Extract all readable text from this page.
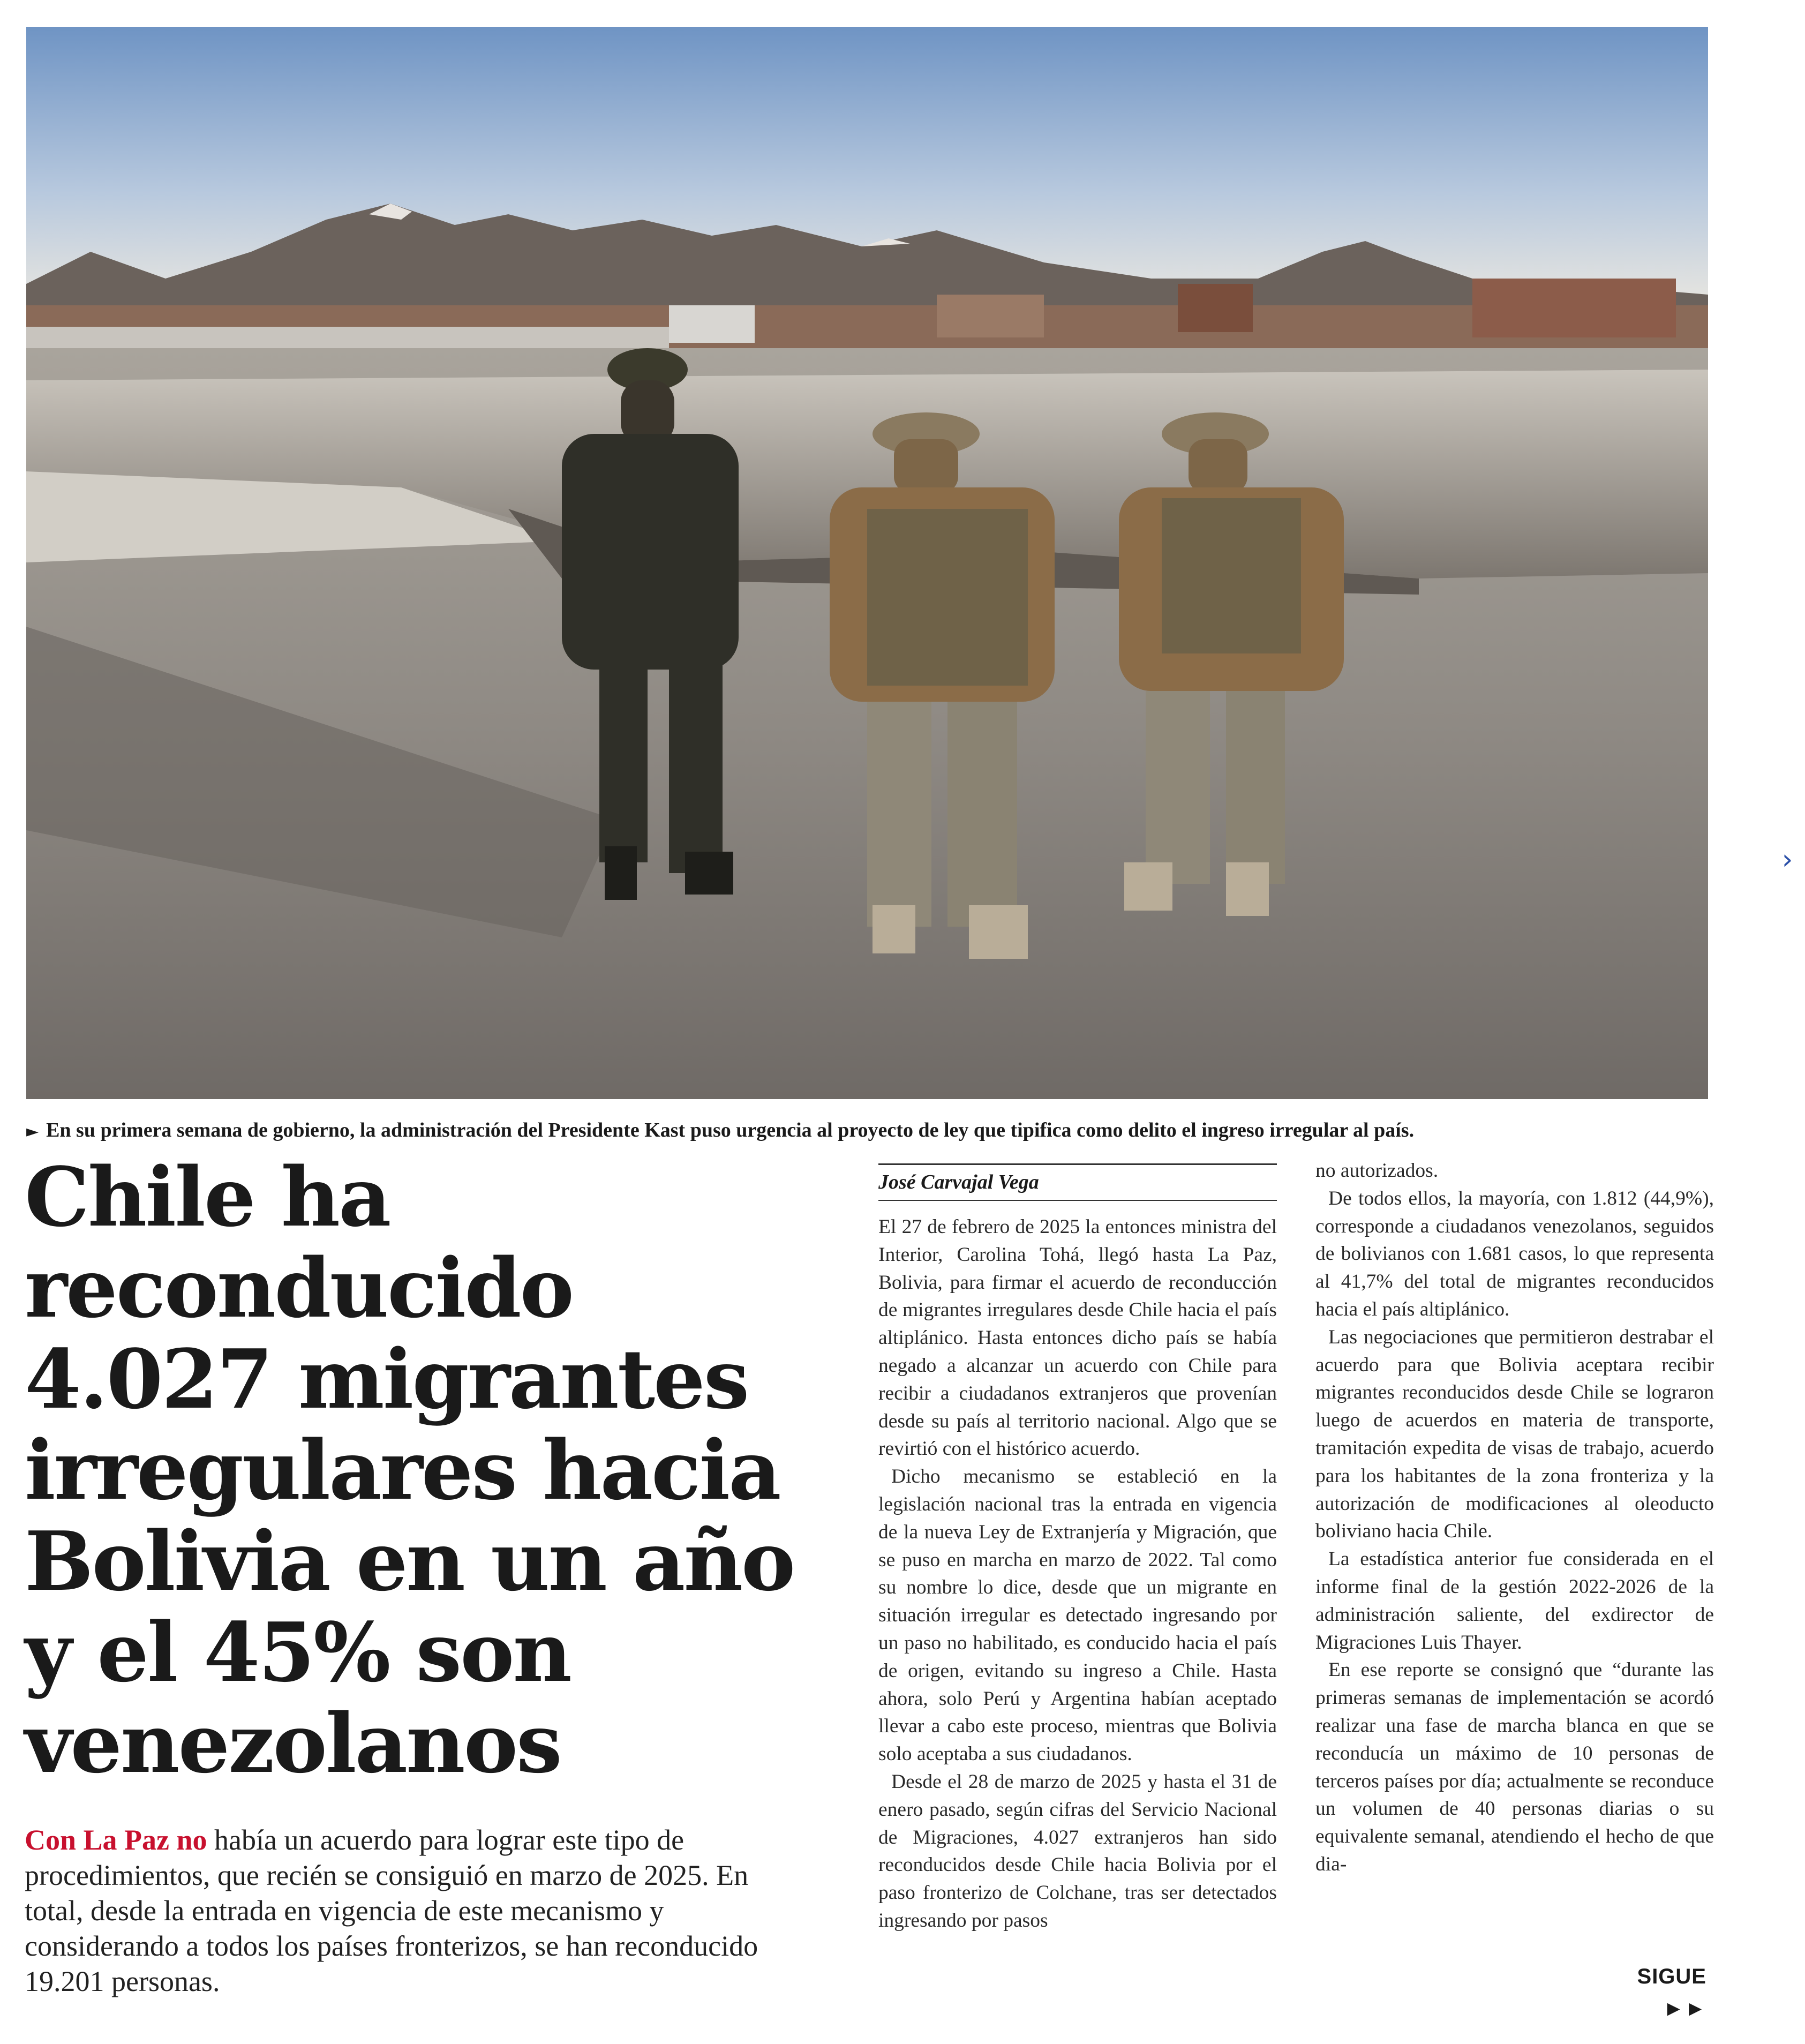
›
► En su primera semana de gobierno, la administración del Presidente Kast puso urgencia al proyecto de ley que tipifica como delito el ingreso irregular al país.
Chile ha reconducido 4.027 migrantes irregulares hacia Bolivia en un año y el 45% son venezolanos
Con La Paz no había un acuerdo para lograr este tipo de procedimientos, que recién se consiguió en marzo de 2025. En total, desde la entrada en vigencia de este mecanismo y considerando a todos los países fronterizos, se han reconducido 19.201 personas.
José Carvajal Vega

El 27 de febrero de 2025 la entonces ministra del Interior, Carolina Tohá, llegó hasta La Paz, Bolivia, para firmar el acuerdo de reconducción de migrantes irregulares desde Chile hacia el país altiplánico. Hasta entonces dicho país se había negado a alcanzar un acuerdo con Chile para recibir a ciudadanos extranjeros que provenían desde su país al territorio nacional. Algo que se revirtió con el histórico acuerdo.

Dicho mecanismo se estableció en la legislación nacional tras la entrada en vigencia de la nueva Ley de Extranjería y Migración, que se puso en marcha en marzo de 2022. Tal como su nombre lo dice, desde que un migrante en situación irregular es detectado ingresando por un paso no habilitado, es conducido hacia el país de origen, evitando su ingreso a Chile. Hasta ahora, solo Perú y Argentina habían aceptado llevar a cabo este proceso, mientras que Bolivia solo aceptaba a sus ciudadanos.

Desde el 28 de marzo de 2025 y hasta el 31 de enero pasado, según cifras del Servicio Nacional de Migraciones, 4.027 extranjeros han sido reconducidos desde Chile hacia Bolivia por el paso fronterizo de Colchane, tras ser detectados ingresando por pasos

no autorizados.

De todos ellos, la mayoría, con 1.812 (44,9%), corresponde a ciudadanos venezolanos, seguidos de bolivianos con 1.681 casos, lo que representa al 41,7% del total de migrantes reconducidos hacia el país altiplánico.

Las negociaciones que permitieron destrabar el acuerdo para que Bolivia aceptara recibir migrantes reconducidos desde Chile se lograron luego de acuerdos en materia de transporte, tramitación expedita de visas de trabajo, acuerdo para los habitantes de la zona fronteriza y la autorización de modificaciones al oleoducto boliviano hacia Chile.

La estadística anterior fue considerada en el informe final de la gestión 2022-2026 de la administración saliente, del exdirector de Migraciones Luis Thayer.

En ese reporte se consignó que “durante las primeras semanas de implementación se acordó realizar una fase de marcha blanca en que se reconducía un máximo de 10 personas de terceros países por día; actualmente se reconduce un volumen de 40 personas diarias o su equivalente semanal, atendiendo el hecho de que dia-

SIGUE ►►
